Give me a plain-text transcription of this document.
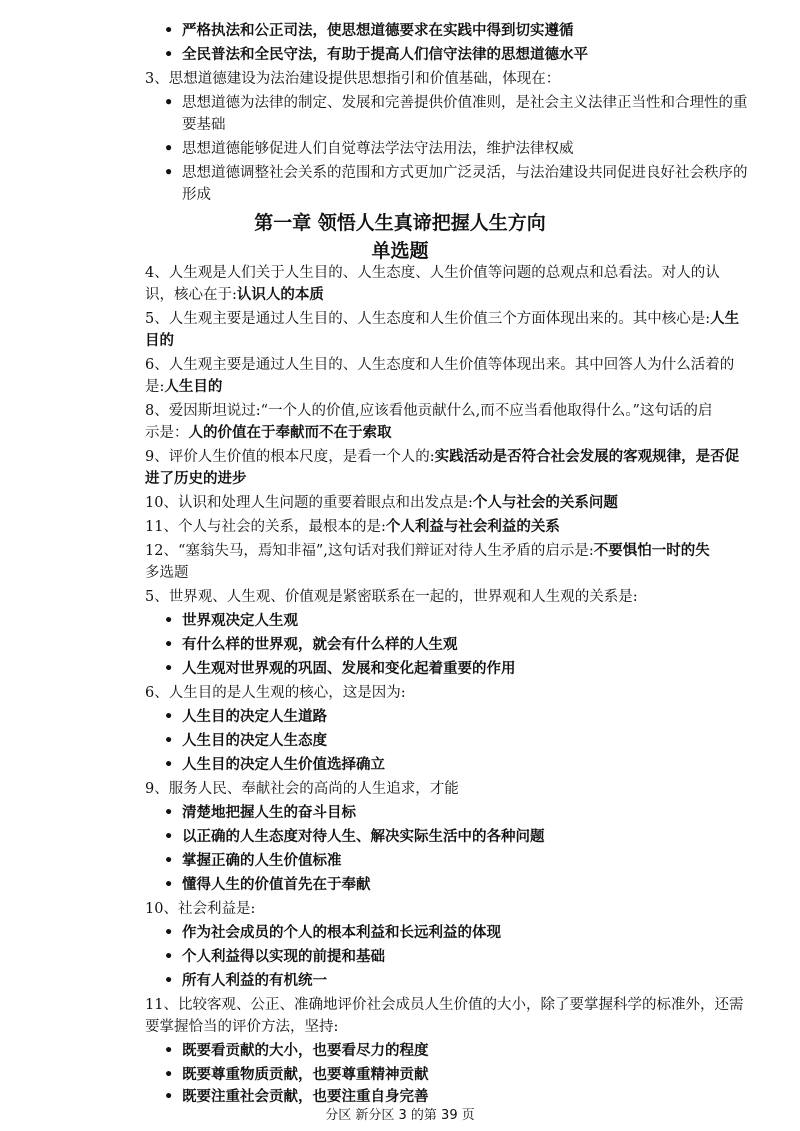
• 严格执法和公正司法，使思想道德要求在实践中得到切实遵循
• 全民普法和全民守法，有助于提高人们信守法律的思想道德水平
3、思想道德建设为法治建设提供思想指引和价值基础，体现在：
• 思想道德为法律的制定、发展和完善提供价值准则，是社会主义法律正当性和合理性的重
要基础
• 思想道德能够促进人们自觉尊法学法守法用法，维护法律权威
• 思想道德调整社会关系的范围和方式更加广泛灵活，与法治建设共同促进良好社会秩序的
形成
第一章 领悟人生真谛把握人生方向
单选题
4、人生观是人们关于人生目的、人生态度、人生价值等问题的总观点和总看法。对人的认
识，核心在于:认识人的本质
5、人生观主要是通过人生目的、人生态度和人生价值三个方面体现出来的。其中核心是:人生
目的
6、人生观主要是通过人生目的、人生态度和人生价值等体现出来。其中回答人为什么活着的
是:人生目的
8、爱因斯坦说过:“一个人的价值,应该看他贡献什么,而不应当看他取得什么。”这句话的启
示是：人的价值在于奉献而不在于索取
9、评价人生价值的根本尺度，是看一个人的:实践活动是否符合社会发展的客观规律，是否促
进了历史的进步
10、认识和处理人生问题的重要着眼点和出发点是:个人与社会的关系问题
11、个人与社会的关系，最根本的是:个人利益与社会利益的关系
12、“塞翁失马，焉知非福”,这句话对我们辩证对待人生矛盾的启示是:不要惧怕一时的失
多选题
5、世界观、人生观、价值观是紧密联系在一起的，世界观和人生观的关系是:
• 世界观决定人生观
• 有什么样的世界观，就会有什么样的人生观
• 人生观对世界观的巩固、发展和变化起着重要的作用
6、人生目的是人生观的核心，这是因为:
• 人生目的决定人生道路
• 人生目的决定人生态度
• 人生目的决定人生价值选择确立
9、服务人民、奉献社会的高尚的人生追求，才能
• 清楚地把握人生的奋斗目标
• 以正确的人生态度对待人生、解决实际生活中的各种问题
• 掌握正确的人生价值标准
• 懂得人生的价值首先在于奉献
10、社会利益是:
• 作为社会成员的个人的根本利益和长远利益的体现
• 个人利益得以实现的前提和基础
• 所有人利益的有机统一
11、比较客观、公正、准确地评价社会成员人生价值的大小，除了要掌握科学的标准外，还需
要掌握恰当的评价方法，坚持:
• 既要看贡献的大小，也要看尽力的程度
• 既要尊重物质贡献，也要尊重精神贡献
• 既要注重社会贡献，也要注重自身完善
分区 新分区 3 的第 39 页
